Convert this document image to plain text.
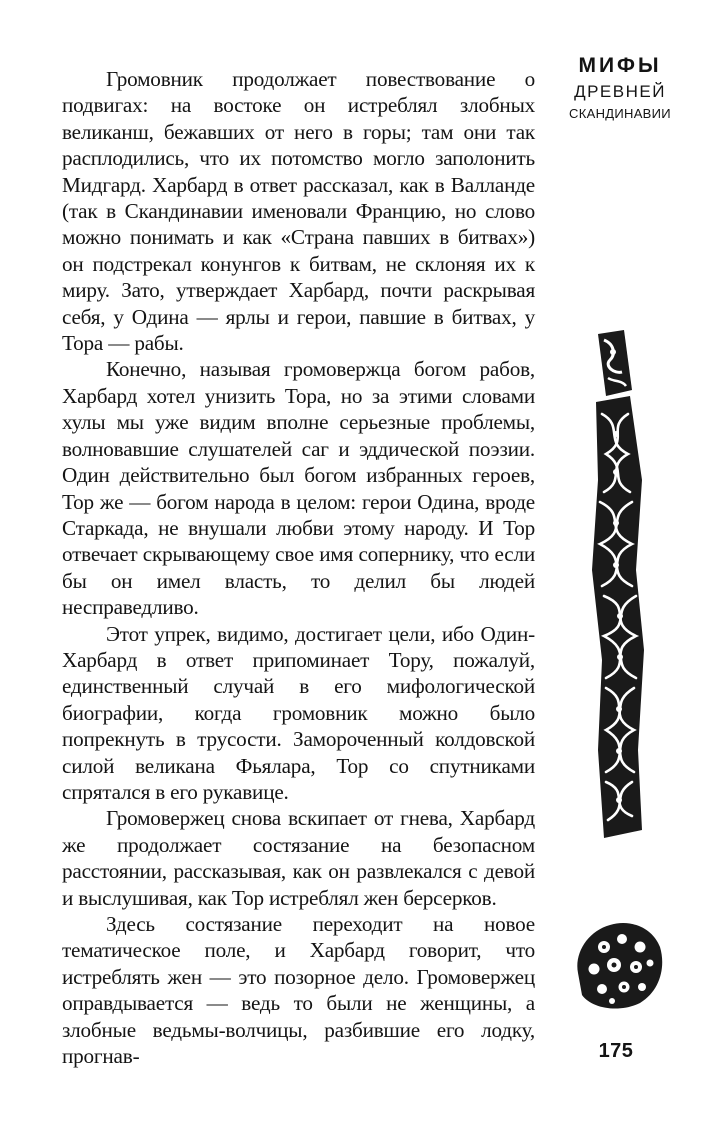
Громовник продолжает повествование о подвигах: на востоке он истреблял злобных великанш, бежавших от него в горы; там они так расплодились, что их потомство могло заполонить Мидгард. Харбард в ответ рассказал, как в Валланде (так в Скандинавии именовали Францию, но слово можно понимать и как «Страна павших в битвах») он подстрекал конунгов к битвам, не склоняя их к миру. Зато, утверждает Харбард, почти раскрывая себя, у Одина — ярлы и герои, павшие в битвах, у Тора — рабы.

Конечно, называя громовержца богом рабов, Харбард хотел унизить Тора, но за этими словами хулы мы уже видим вполне серьезные проблемы, волновавшие слушателей саг и эддической поэзии. Один действительно был богом избранных героев, Тор же — богом народа в целом: герои Одина, вроде Старкада, не внушали любви этому народу. И Тор отвечает скрывающему свое имя сопернику, что если бы он имел власть, то делил бы людей несправедливо.

Этот упрек, видимо, достигает цели, ибо Один-Харбард в ответ припоминает Тору, пожалуй, единственный случай в его мифологической биографии, когда громовник можно было попрекнуть в трусости. Замороченный колдовской силой великана Фьялара, Тор со спутниками спрятался в его рукавице.

Громовержец снова вскипает от гнева, Харбард же продолжает состязание на безопасном расстоянии, рассказывая, как он развлекался с девой и выслушивая, как Тор истреблял жен берсерков.

Здесь состязание переходит на новое тематическое поле, и Харбард говорит, что истреблять жен — это позорное дело. Громовержец оправдывается — ведь то были не женщины, а злобные ведьмы-волчицы, разбившие его лодку, прогнав-

МИФЫ
ДРЕВНЕЙ
СКАНДИНАВИИ
175
